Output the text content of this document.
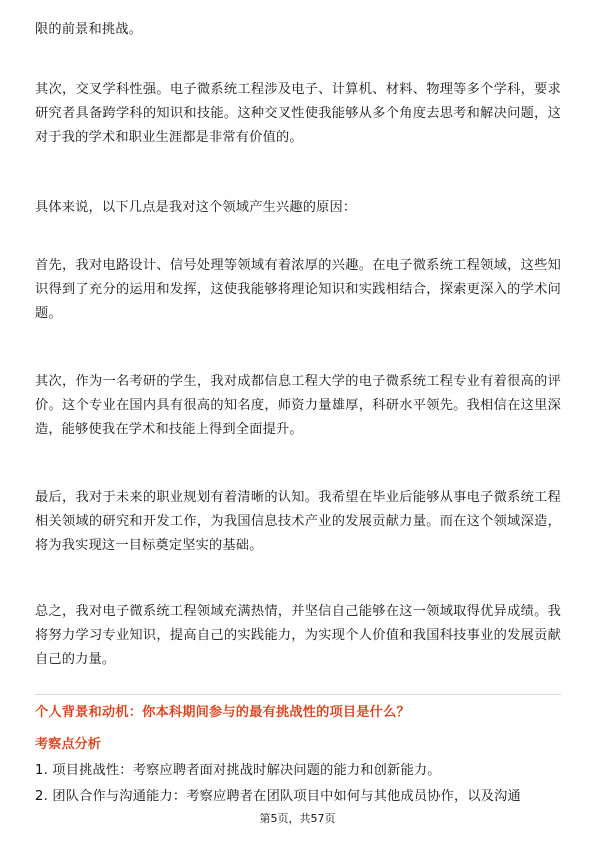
限的前景和挑战。
其次，交叉学科性强。电子微系统工程涉及电子、计算机、材料、物理等多个学科，要求研究者具备跨学科的知识和技能。这种交叉性使我能够从多个角度去思考和解决问题，这对于我的学术和职业生涯都是非常有价值的。
具体来说，以下几点是我对这个领域产生兴趣的原因：
首先，我对电路设计、信号处理等领域有着浓厚的兴趣。在电子微系统工程领域，这些知识得到了充分的运用和发挥，这使我能够将理论知识和实践相结合，探索更深入的学术问题。
其次，作为一名考研的学生，我对成都信息工程大学的电子微系统工程专业有着很高的评价。这个专业在国内具有很高的知名度，师资力量雄厚，科研水平领先。我相信在这里深造，能够使我在学术和技能上得到全面提升。
最后，我对于未来的职业规划有着清晰的认知。我希望在毕业后能够从事电子微系统工程相关领域的研究和开发工作，为我国信息技术产业的发展贡献力量。而在这个领域深造，将为我实现这一目标奠定坚实的基础。
总之，我对电子微系统工程领域充满热情，并坚信自己能够在这一领域取得优异成绩。我将努力学习专业知识，提高自己的实践能力，为实现个人价值和我国科技事业的发展贡献自己的力量。
个人背景和动机：你本科期间参与的最有挑战性的项目是什么？
考察点分析
1. 项目挑战性：考察应聘者面对挑战时解决问题的能力和创新能力。
2. 团队合作与沟通能力：考察应聘者在团队项目中如何与其他成员协作，以及沟通
第5页，共57页
